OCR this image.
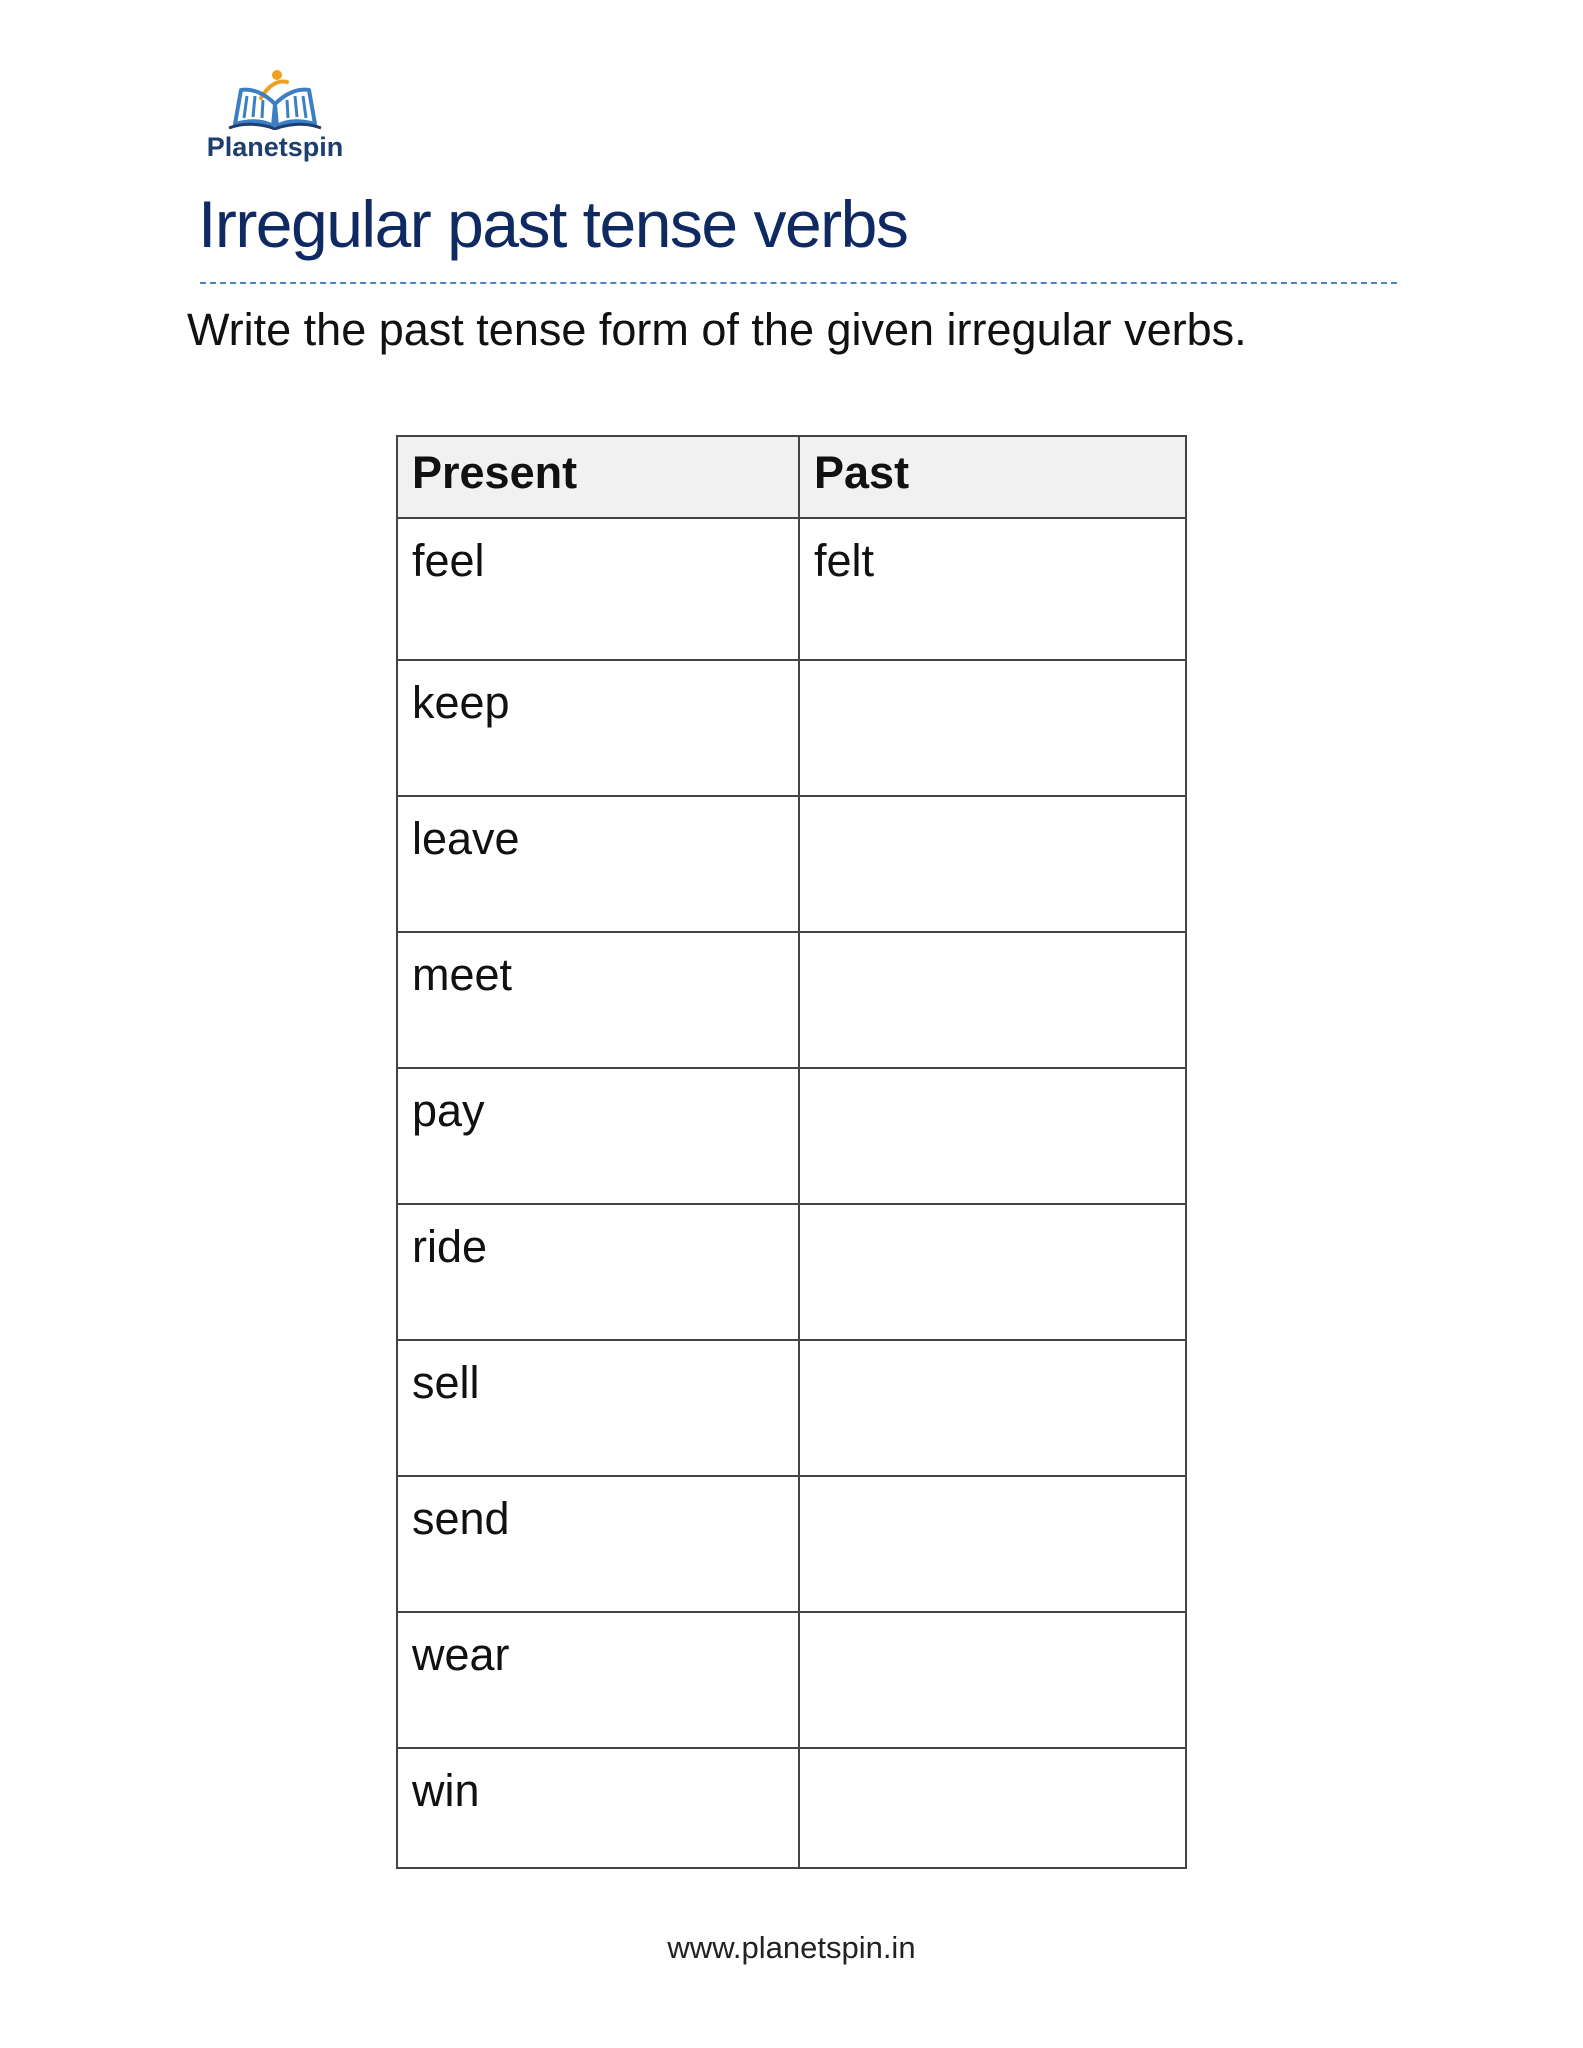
Planetspin
Irregular past tense verbs
Write the past tense form of the given irregular verbs.
Present	Past
feel	felt
keep	
leave	
meet	
pay	
ride	
sell	
send	
wear	
win	
www.planetspin.in
